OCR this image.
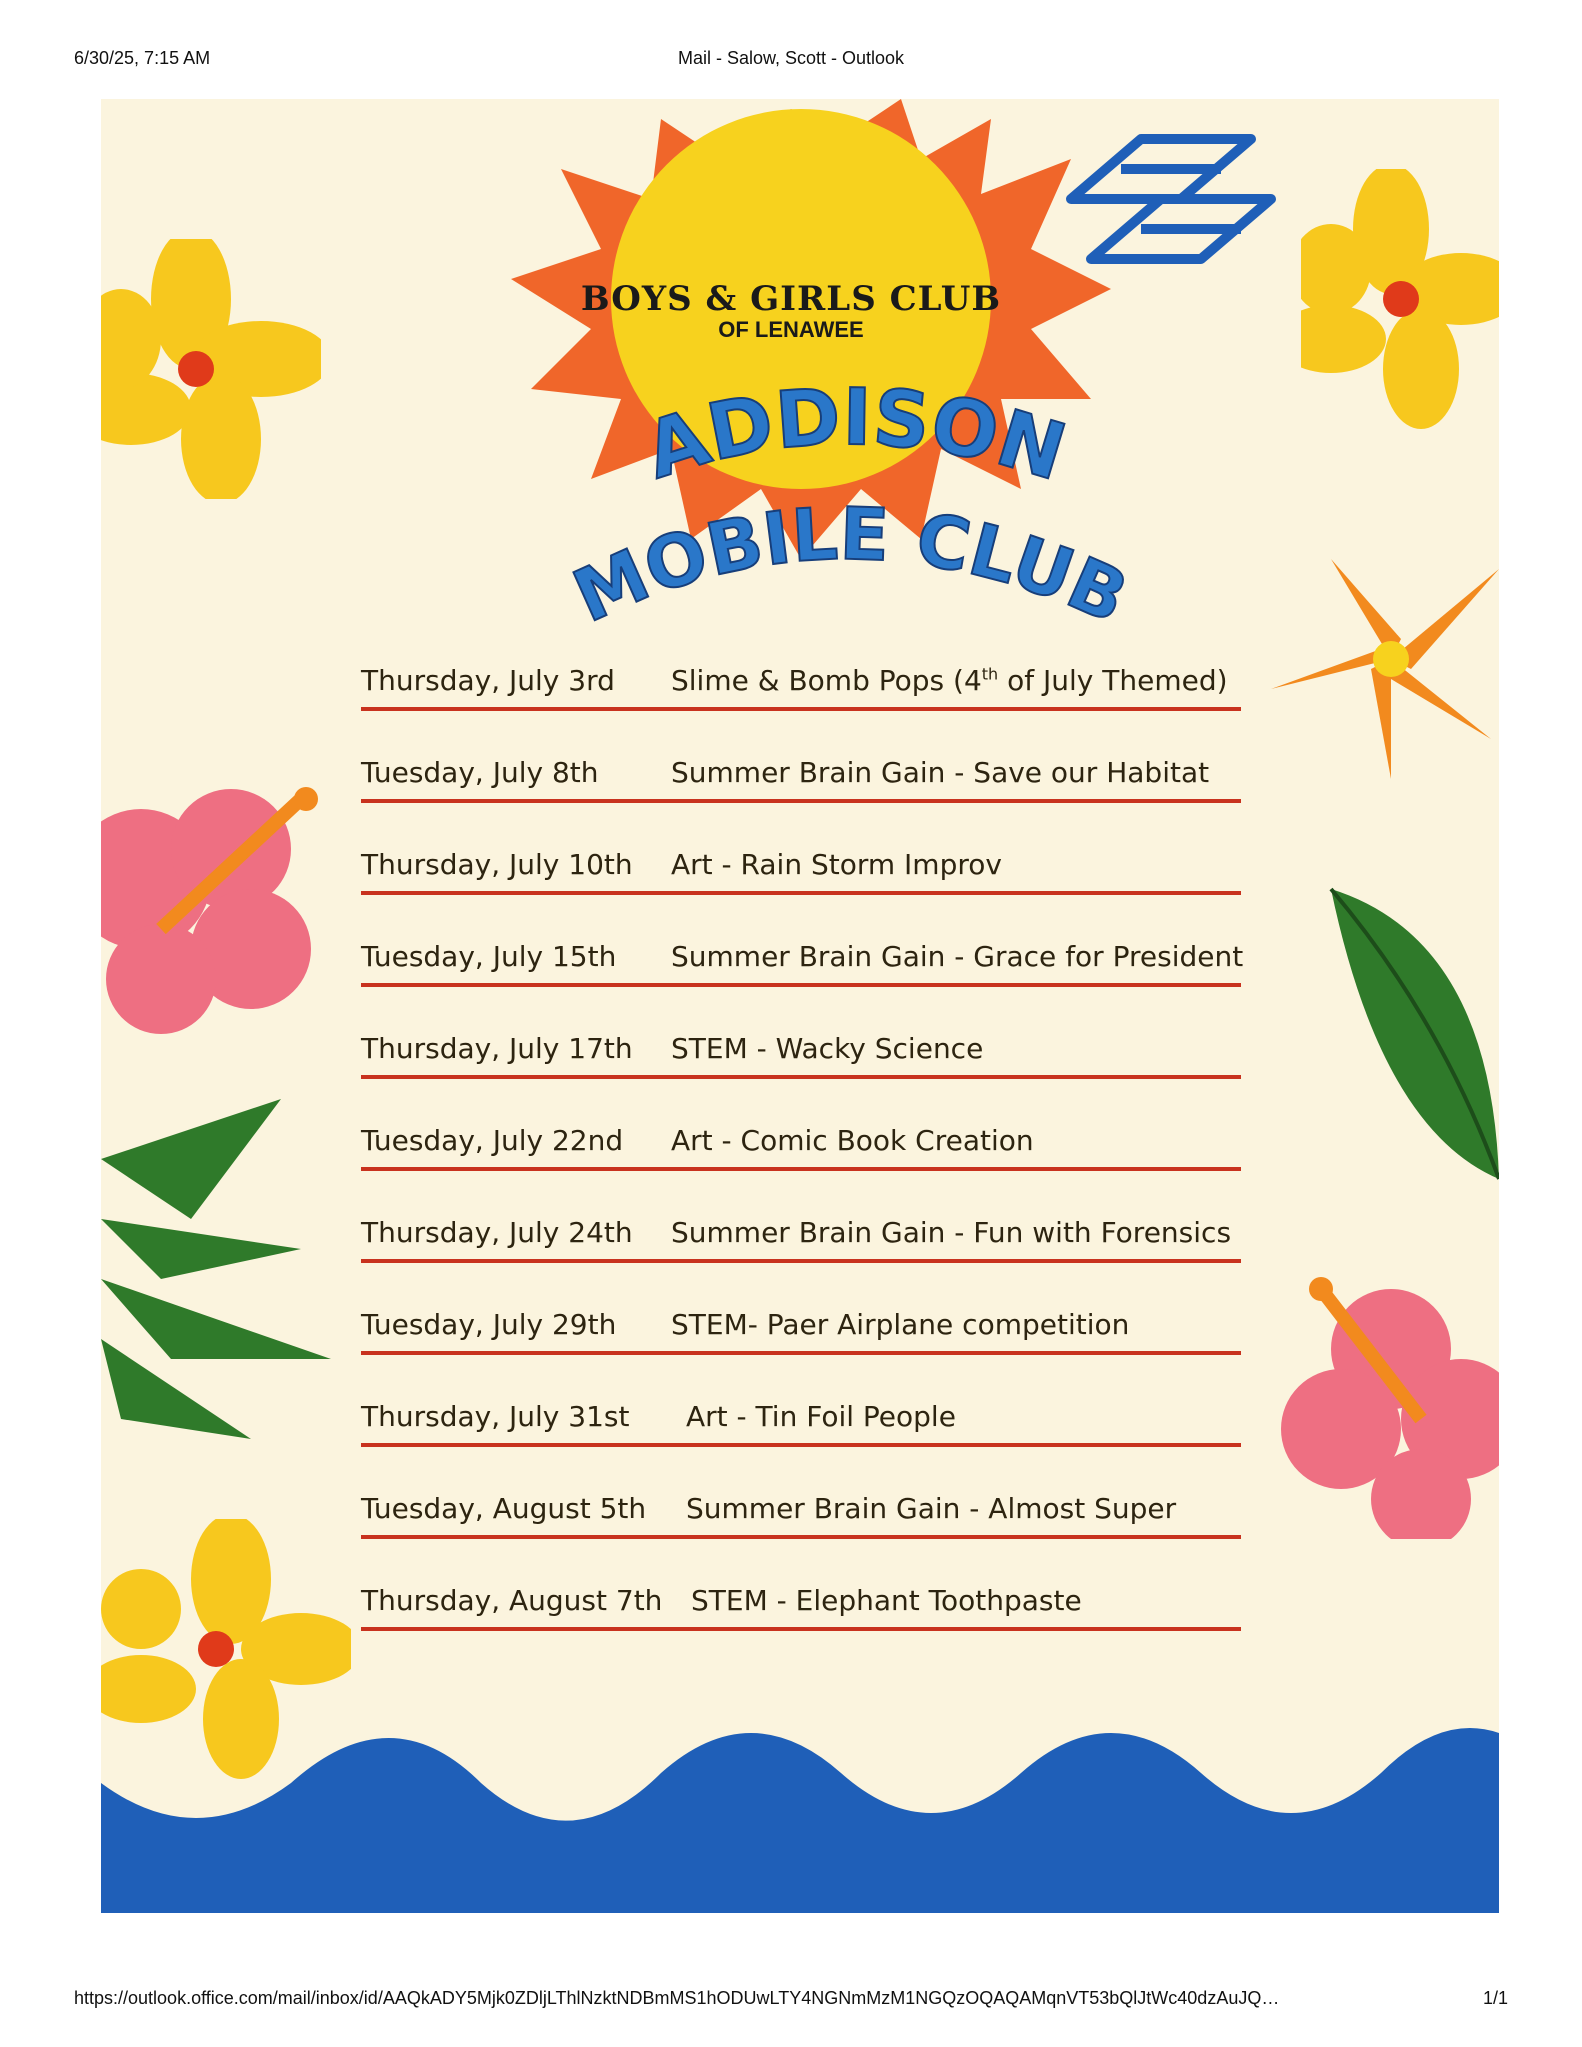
6/30/25, 7:15 AM	Mail - Salow, Scott - Outlook
BOYS & GIRLS CLUB
OF LENAWEE
ADDISON
MOBILE CLUB
Thursday, July 3rd Slime & Bomb Pops (4th of July Themed)
Tuesday, July 8th	Summer Brain Gain - Save our Habitat
Thursday, July 10th Art - Rain Storm Improv
Tuesday, July 15th Summer Brain Gain - Grace for President
Thursday, July 17th STEM - Wacky Science
Tuesday, July 22nd Art - Comic Book Creation
Thursday, July 24th Summer Brain Gain - Fun with Forensics
Tuesday, July 29th STEM- Paer Airplane competition
Thursday, July 31st Art - Tin Foil People
Tuesday, August 5th Summer Brain Gain - Almost Super
Thursday, August 7th STEM - Elephant Toothpaste
https://outlook.office.com/mail/inbox/id/AAQkADY5Mjk0ZDljLThlNzktNDBmMS1hODUwLTY4NGNmMzM1NGQzOQAQAMqnVT53bQlJtWc40dzAuJQ…	1/1
